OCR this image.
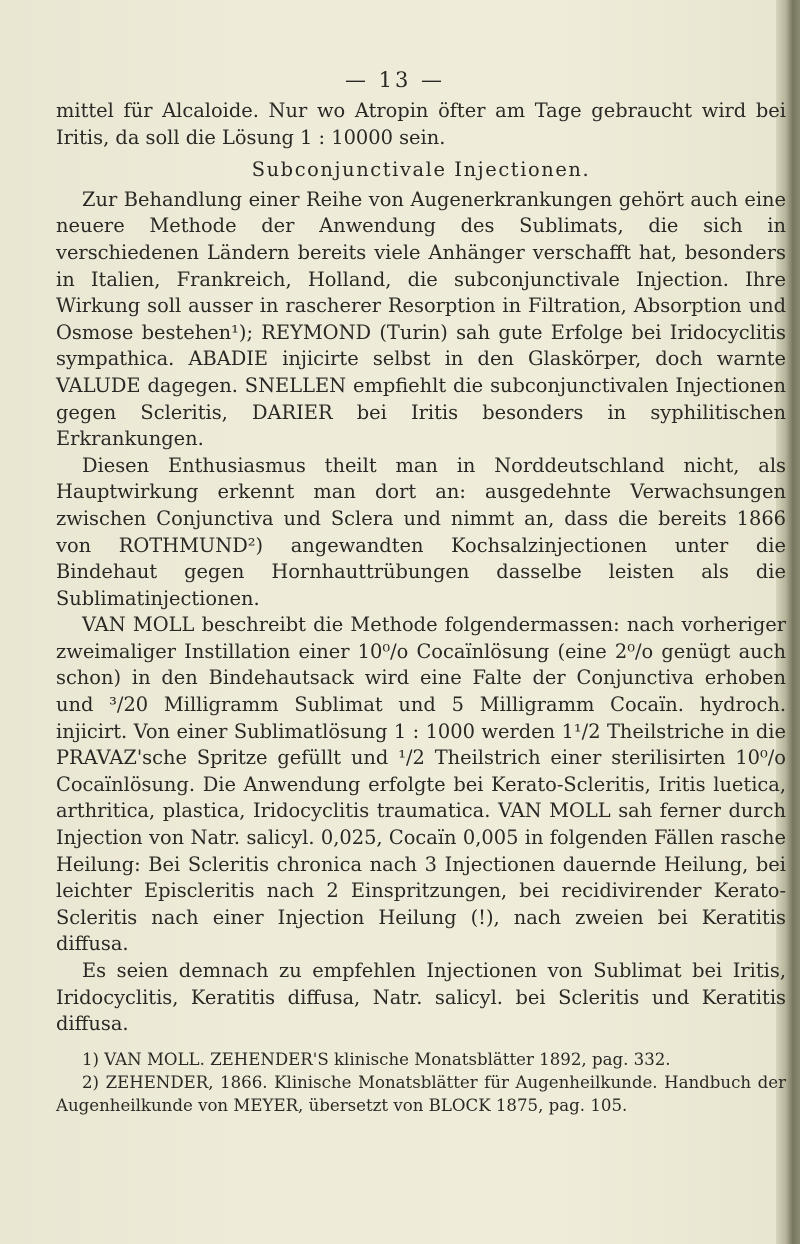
— 13 —

mittel für Alcaloide. Nur wo Atropin öfter am Tage gebraucht wird bei Iritis, da soll die Lösung 1 : 10000 sein.

Subconjunctivale Injectionen.

Zur Behandlung einer Reihe von Augenerkrankungen gehört auch eine neuere Methode der Anwendung des Sublimats, die sich in verschiedenen Ländern bereits viele Anhänger verschafft hat, besonders in Italien, Frankreich, Holland, die subconjunctivale Injection. Ihre Wirkung soll ausser in rascherer Resorption in Filtration, Absorption und Osmose bestehen¹); REYMOND (Turin) sah gute Erfolge bei Iridocyclitis sympathica. ABADIE injicirte selbst in den Glaskörper, doch warnte VALUDE dagegen. SNELLEN empfiehlt die subconjunctivalen Injectionen gegen Scleritis, DARIER bei Iritis besonders in syphilitischen Erkrankungen.

Diesen Enthusiasmus theilt man in Norddeutschland nicht, als Hauptwirkung erkennt man dort an: ausgedehnte Verwachsungen zwischen Conjunctiva und Sclera und nimmt an, dass die bereits 1866 von ROTHMUND²) angewandten Kochsalzinjectionen unter die Bindehaut gegen Hornhauttrübungen dasselbe leisten als die Sublimatinjectionen.

VAN MOLL beschreibt die Methode folgendermassen: nach vorheriger zweimaliger Instillation einer 10⁰/o Cocaïnlösung (eine 2⁰/o genügt auch schon) in den Bindehautsack wird eine Falte der Conjunctiva erhoben und ³/20 Milligramm Sublimat und 5 Milligramm Cocaïn. hydroch. injicirt. Von einer Sublimatlösung 1 : 1000 werden 1¹/2 Theilstriche in die PRAVAZ'sche Spritze gefüllt und ¹/2 Theilstrich einer sterilisirten 10⁰/o Cocaïnlösung. Die Anwendung erfolgte bei Kerato-Scleritis, Iritis luetica, arthritica, plastica, Iridocyclitis traumatica. VAN MOLL sah ferner durch Injection von Natr. salicyl. 0,025, Cocaïn 0,005 in folgenden Fällen rasche Heilung: Bei Scleritis chronica nach 3 Injectionen dauernde Heilung, bei leichter Episcleritis nach 2 Einspritzungen, bei recidivirender Kerato-Scleritis nach einer Injection Heilung (!), nach zweien bei Keratitis diffusa.

Es seien demnach zu empfehlen Injectionen von Sublimat bei Iritis, Iridocyclitis, Keratitis diffusa, Natr. salicyl. bei Scleritis und Keratitis diffusa.

1) VAN MOLL. ZEHENDER'S klinische Monatsblätter 1892, pag. 332.

2) ZEHENDER, 1866. Klinische Monatsblätter für Augenheilkunde. Handbuch der Augenheilkunde von MEYER, übersetzt von BLOCK 1875, pag. 105.
